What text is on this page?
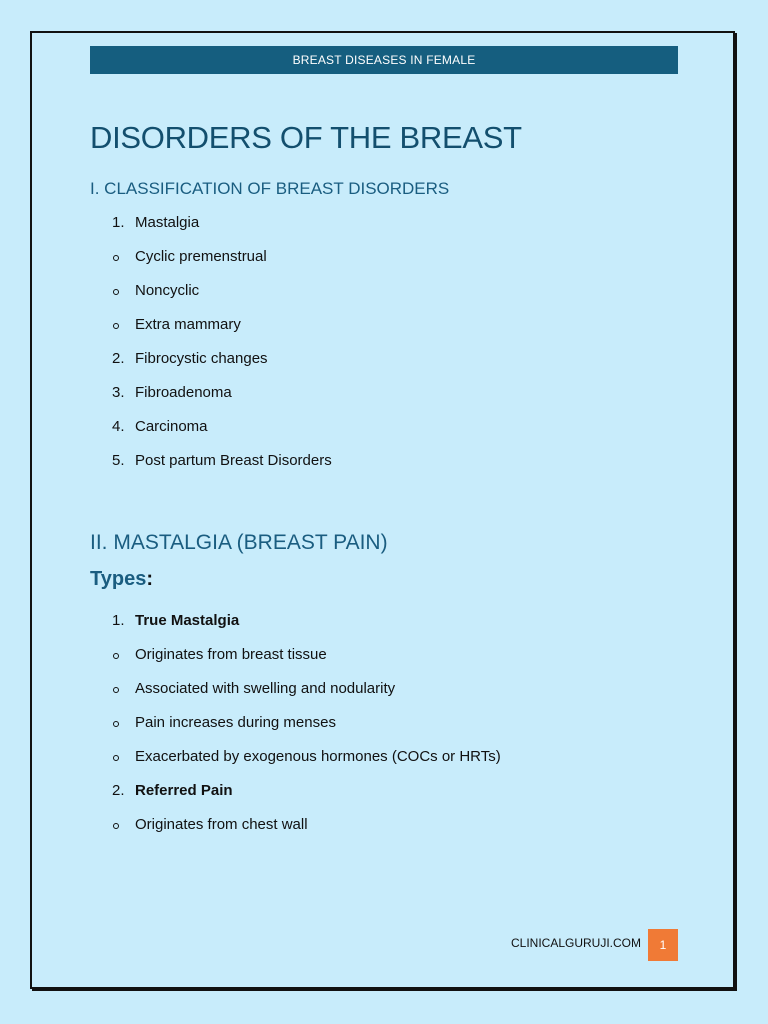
BREAST DISEASES IN FEMALE
DISORDERS OF THE BREAST
I. CLASSIFICATION OF BREAST DISORDERS
1. Mastalgia
Cyclic premenstrual
Noncyclic
Extra mammary
2. Fibrocystic changes
3. Fibroadenoma
4. Carcinoma
5. Post partum Breast Disorders
II. MASTALGIA (BREAST PAIN)
Types:
1. True Mastalgia
Originates from breast tissue
Associated with swelling and nodularity
Pain increases during menses
Exacerbated by exogenous hormones (COCs or HRTs)
2. Referred Pain
Originates from chest wall
CLINICALGURUJI.COM 1
